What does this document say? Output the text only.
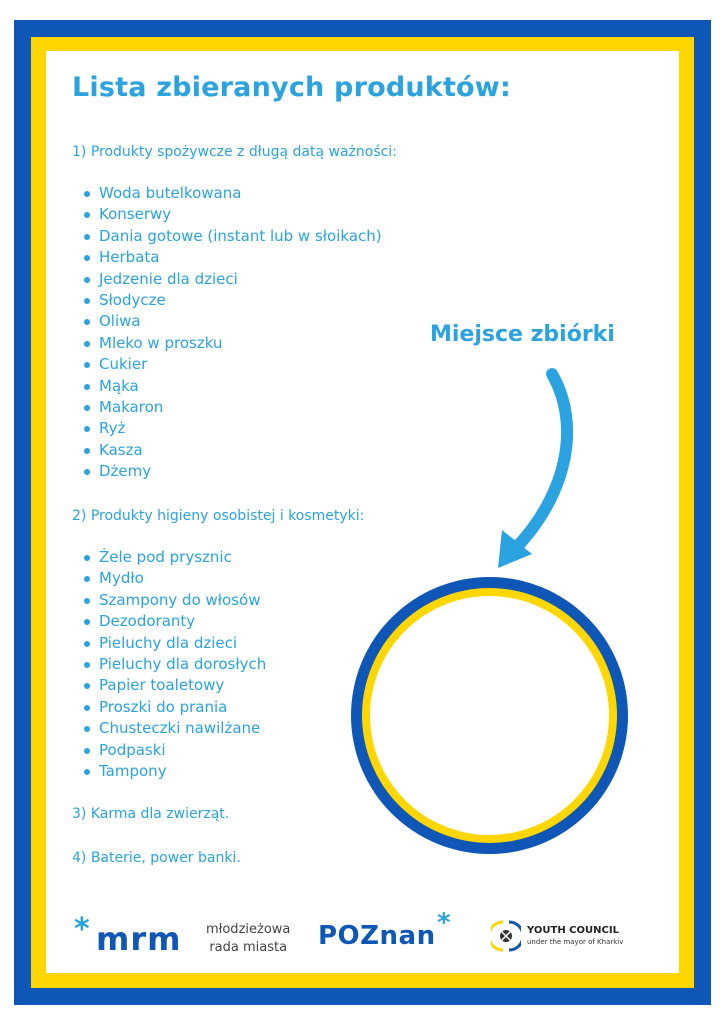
Lista zbieranych produktów:
1) Produkty spożywcze z długą datą ważności:
Woda butelkowana
Konserwy
Dania gotowe (instant lub w słoikach)
Herbata
Jedzenie dla dzieci
Słodycze
Oliwa
Mleko w proszku
Cukier
Mąka
Makaron
Ryż
Kasza
Dżemy
2) Produkty higieny osobistej i kosmetyki:
Żele pod prysznic
Mydło
Szampony do włosów
Dezodoranty
Pieluchy dla dzieci
Pieluchy dla dorosłych
Papier toaletowy
Proszki do prania
Chusteczki nawilżane
Podpaski
Tampony
3) Karma dla zwierząt.
4) Baterie, power banki.
Miejsce zbiórki
* mrm młodzieżowa
rada miasta POZnan *	YOUTH COUNCIL
under the mayor of Kharkiv
